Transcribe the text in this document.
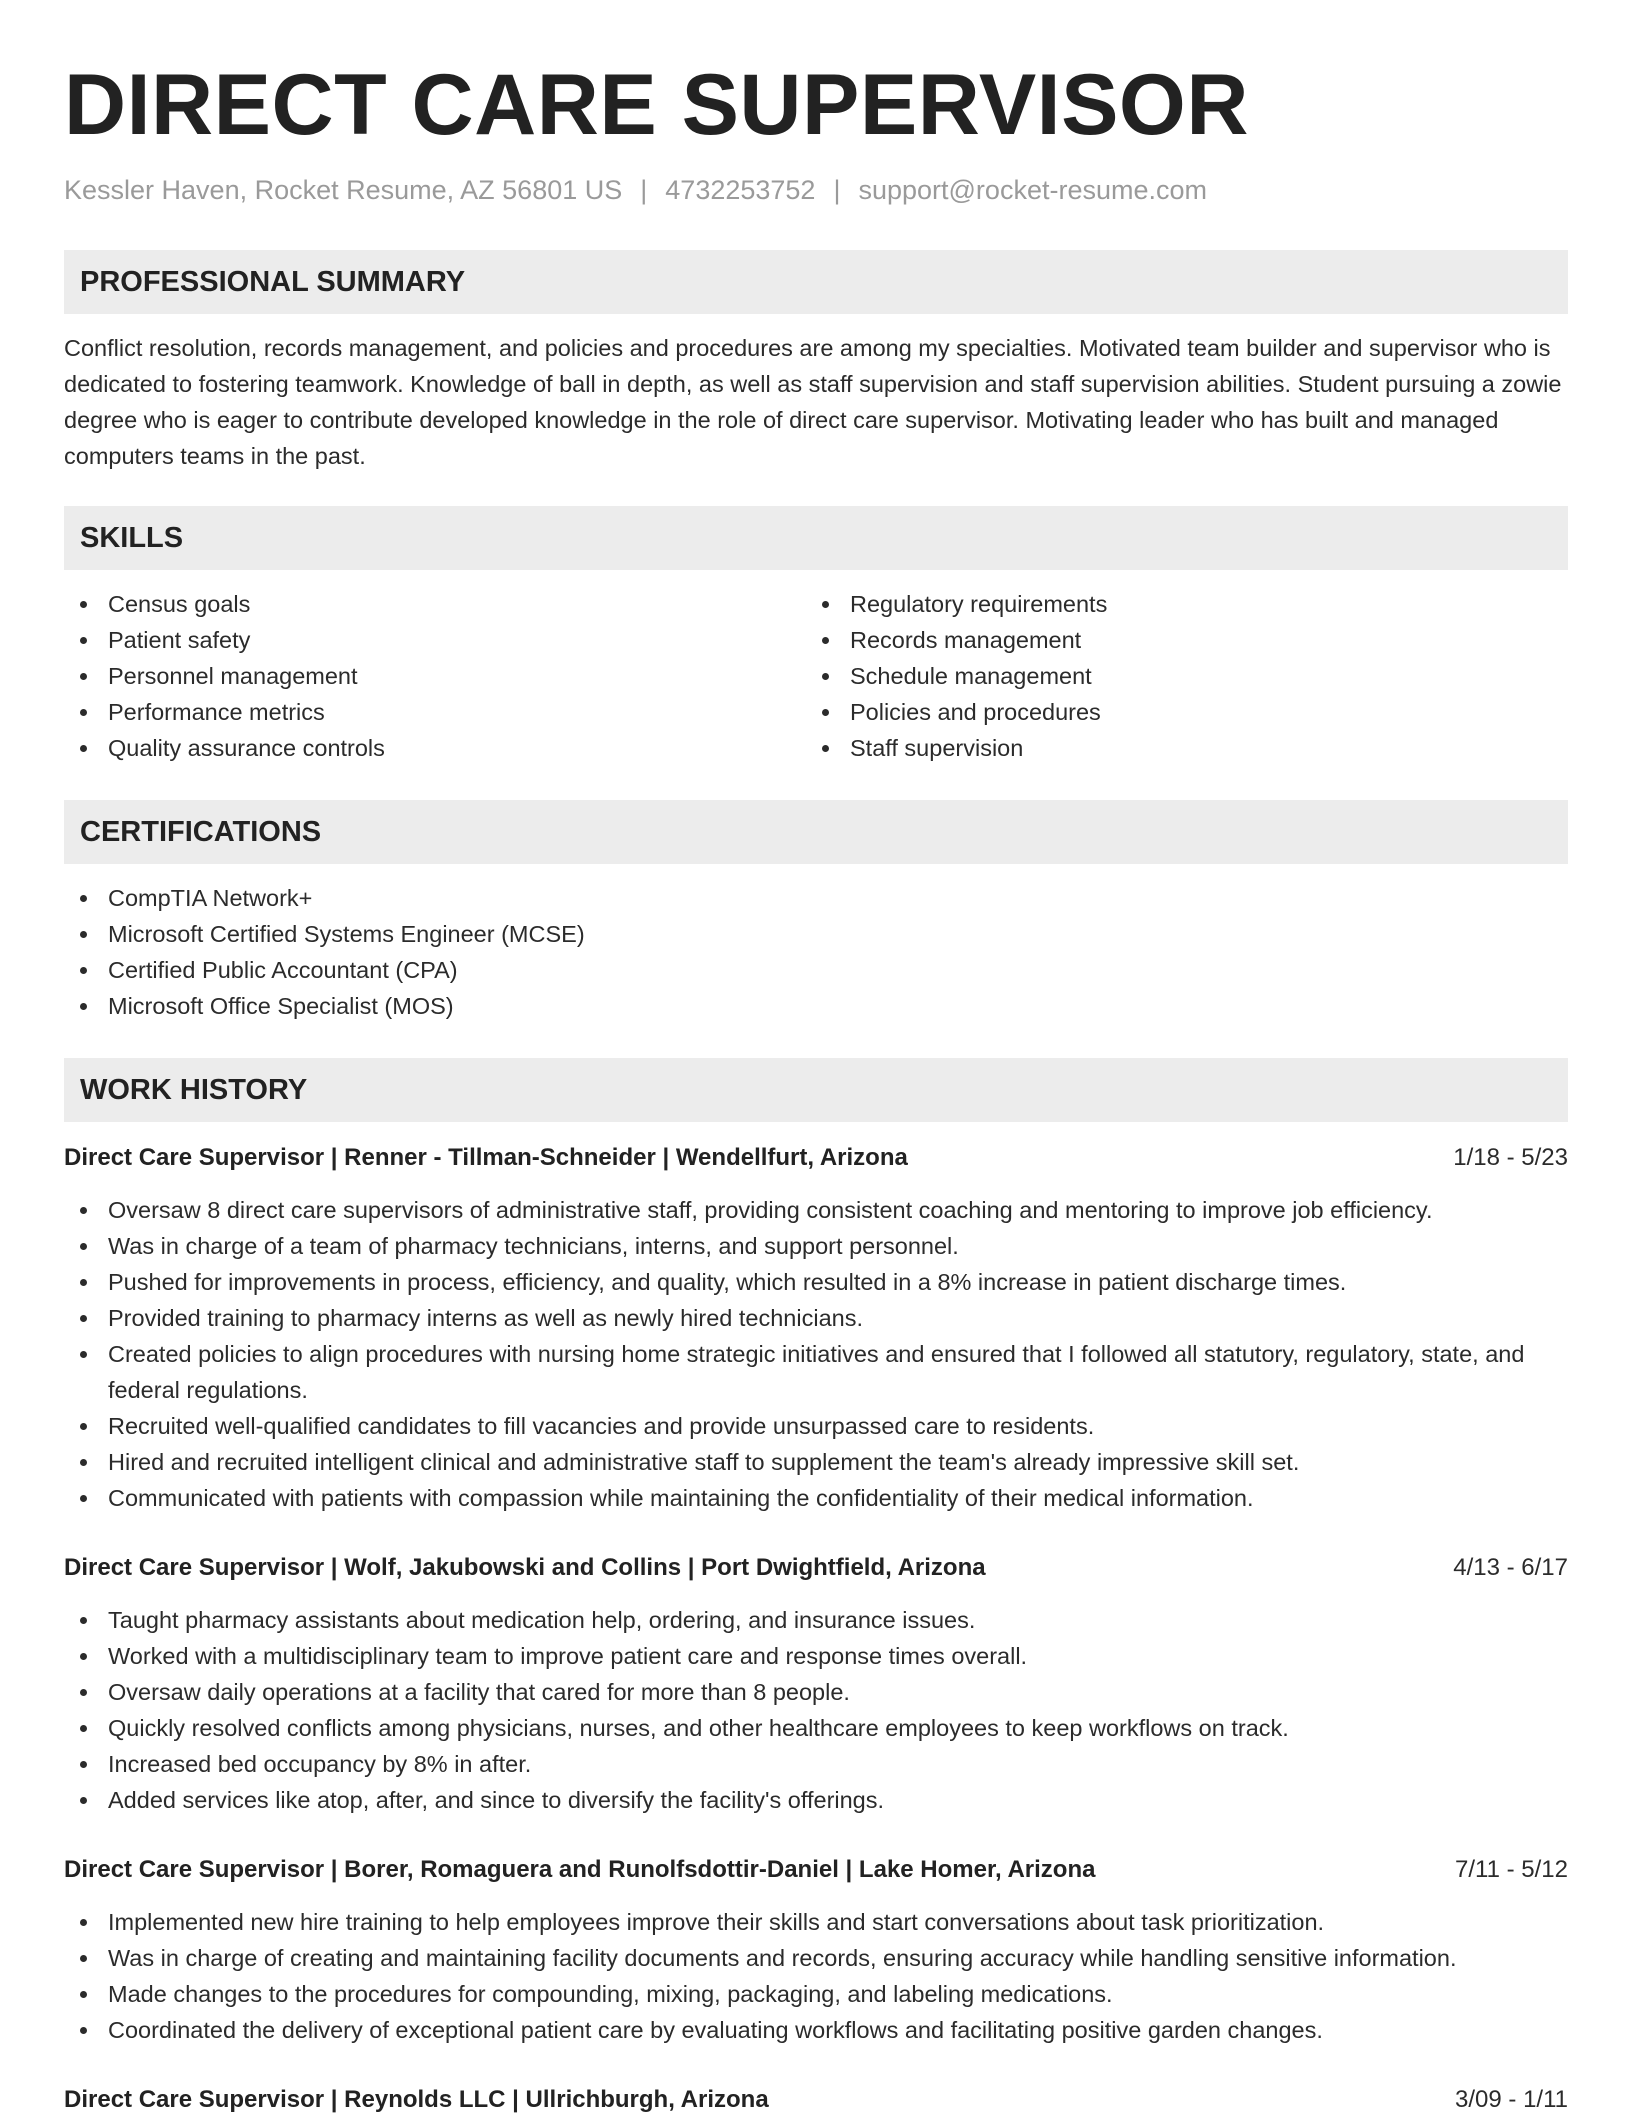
DIRECT CARE SUPERVISOR
Kessler Haven, Rocket Resume, AZ 56801 US | 4732253752 | support@rocket-resume.com
PROFESSIONAL SUMMARY

Conflict resolution, records management, and policies and procedures are among my specialties. Motivated team builder and supervisor who is dedicated to fostering teamwork. Knowledge of ball in depth, as well as staff supervision and staff supervision abilities. Student pursuing a zowie degree who is eager to contribute developed knowledge in the role of direct care supervisor. Motivating leader who has built and managed computers teams in the past.

SKILLS
Census goals
Patient safety
Personnel management
Performance metrics
Quality assurance controls
Regulatory requirements
Records management
Schedule management
Policies and procedures
Staff supervision
CERTIFICATIONS
CompTIA Network+
Microsoft Certified Systems Engineer (MCSE)
Certified Public Accountant (CPA)
Microsoft Office Specialist (MOS)
WORK HISTORY
Direct Care Supervisor | Renner - Tillman-Schneider | Wendellfurt, Arizona	1/18 - 5/23
Oversaw 8 direct care supervisors of administrative staff, providing consistent coaching and mentoring to improve job efficiency.
Was in charge of a team of pharmacy technicians, interns, and support personnel.
Pushed for improvements in process, efficiency, and quality, which resulted in a 8% increase in patient discharge times.
Provided training to pharmacy interns as well as newly hired technicians.
Created policies to align procedures with nursing home strategic initiatives and ensured that I followed all statutory, regulatory, state, and federal regulations.
Recruited well-qualified candidates to fill vacancies and provide unsurpassed care to residents.
Hired and recruited intelligent clinical and administrative staff to supplement the team's already impressive skill set.
Communicated with patients with compassion while maintaining the confidentiality of their medical information.
Direct Care Supervisor | Wolf, Jakubowski and Collins | Port Dwightfield, Arizona	4/13 - 6/17
Taught pharmacy assistants about medication help, ordering, and insurance issues.
Worked with a multidisciplinary team to improve patient care and response times overall.
Oversaw daily operations at a facility that cared for more than 8 people.
Quickly resolved conflicts among physicians, nurses, and other healthcare employees to keep workflows on track.
Increased bed occupancy by 8% in after.
Added services like atop, after, and since to diversify the facility's offerings.
Direct Care Supervisor | Borer, Romaguera and Runolfsdottir-Daniel | Lake Homer, Arizona	7/11 - 5/12
Implemented new hire training to help employees improve their skills and start conversations about task prioritization.
Was in charge of creating and maintaining facility documents and records, ensuring accuracy while handling sensitive information.
Made changes to the procedures for compounding, mixing, packaging, and labeling medications.
Coordinated the delivery of exceptional patient care by evaluating workflows and facilitating positive garden changes.
Direct Care Supervisor | Reynolds LLC | Ullrichburgh, Arizona	3/09 - 1/11
